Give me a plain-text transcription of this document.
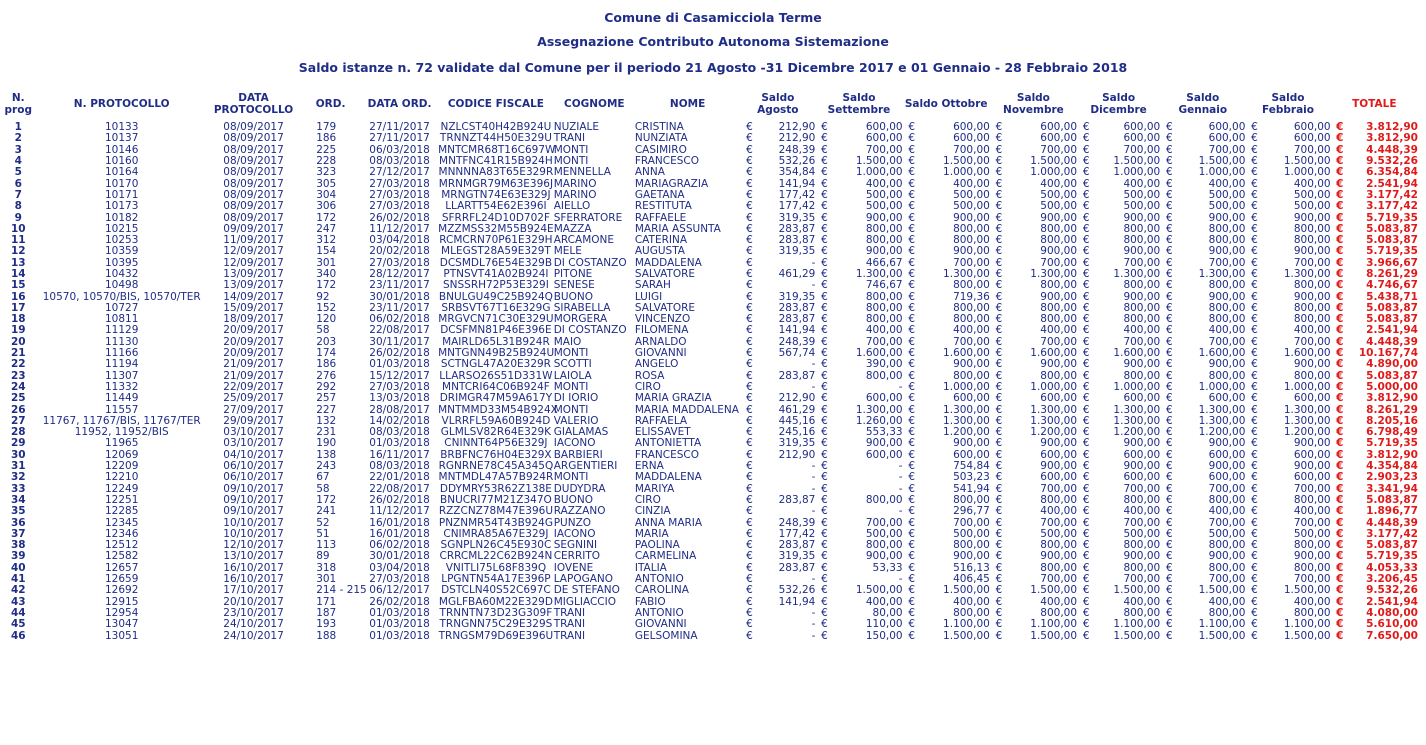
Comune di Casamicciola Terme
Assegnazione Contributo Autonoma Sistemazione
Saldo istanze n. 72 validate dal Comune per il periodo 21 Agosto -31 Dicembre 2017 e 01 Gennaio - 28 Febbraio 2018
N. prog	N. PROTOCOLLO	DATA PROTOCOLLO	ORD.	DATA ORD.	CODICE FISCALE	COGNOME	NOME	Saldo Agosto		Saldo Settembre		Saldo Ottobre		Saldo Novembre		Saldo Dicembre		Saldo Gennaio		Saldo Febbraio		TOTALE	
1	10133	08/09/2017	179	27/11/2017	NZLCST40H42B924U	NUZIALE	CRISTINA	€	212,90	€	600,00	€	600,00	€	600,00	€	600,00	€	600,00	€	600,00	€	3.812,90
2	10137	08/09/2017	186	27/11/2017	TRNNZT44H50E329U	TRANI	NUNZIATA	€	212,90	€	600,00	€	600,00	€	600,00	€	600,00	€	600,00	€	600,00	€	3.812,90
3	10146	08/09/2017	225	06/03/2018	MNTCMR68T16C697W	MONTI	CASIMIRO	€	248,39	€	700,00	€	700,00	€	700,00	€	700,00	€	700,00	€	700,00	€	4.448,39
4	10160	08/09/2017	228	08/03/2018	MNTFNC41R15B924H	MONTI	FRANCESCO	€	532,26	€	1.500,00	€	1.500,00	€	1.500,00	€	1.500,00	€	1.500,00	€	1.500,00	€	9.532,26
5	10164	08/09/2017	323	27/12/2017	MNNNNA83T65E329R	MENNELLA	ANNA	€	354,84	€	1.000,00	€	1.000,00	€	1.000,00	€	1.000,00	€	1.000,00	€	1.000,00	€	6.354,84
6	10170	08/09/2017	305	27/03/2018	MRNMGR79M63E396J	MARINO	MARIAGRAZIA	€	141,94	€	400,00	€	400,00	€	400,00	€	400,00	€	400,00	€	400,00	€	2.541,94
7	10171	08/09/2017	304	27/03/2018	MRNGTN74E63E329J	MARINO	GAETANA	€	177,42	€	500,00	€	500,00	€	500,00	€	500,00	€	500,00	€	500,00	€	3.177,42
8	10173	08/09/2017	306	27/03/2018	LLARTT54E62E396I	AIELLO	RESTITUTA	€	177,42	€	500,00	€	500,00	€	500,00	€	500,00	€	500,00	€	500,00	€	3.177,42
9	10182	08/09/2017	172	26/02/2018	SFRRFL24D10D702F	SFERRATORE	RAFFAELE	€	319,35	€	900,00	€	900,00	€	900,00	€	900,00	€	900,00	€	900,00	€	5.719,35
10	10215	09/09/2017	247	11/12/2017	MZZMSS32M55B924E	MAZZA	MARIA ASSUNTA	€	283,87	€	800,00	€	800,00	€	800,00	€	800,00	€	800,00	€	800,00	€	5.083,87
11	10253	11/09/2017	312	03/04/2018	RCMCRN70P61E329H	ARCAMONE	CATERINA	€	283,87	€	800,00	€	800,00	€	800,00	€	800,00	€	800,00	€	800,00	€	5.083,87
12	10359	12/09/2017	154	20/02/2018	MLEGST28A59E329T	MELE	AUGUSTA	€	319,35	€	900,00	€	900,00	€	900,00	€	900,00	€	900,00	€	900,00	€	5.719,35
13	10395	12/09/2017	301	27/03/2018	DCSMDL76E54E329B	DI COSTANZO	MADDALENA	€	-	€	466,67	€	700,00	€	700,00	€	700,00	€	700,00	€	700,00	€	3.966,67
14	10432	13/09/2017	340	28/12/2017	PTNSVT41A02B924I	PITONE	SALVATORE	€	461,29	€	1.300,00	€	1.300,00	€	1.300,00	€	1.300,00	€	1.300,00	€	1.300,00	€	8.261,29
15	10498	13/09/2017	172	23/11/2017	SNSSRH72P53E329I	SENESE	SARAH	€	-	€	746,67	€	800,00	€	800,00	€	800,00	€	800,00	€	800,00	€	4.746,67
16	10570, 10570/BIS, 10570/TER	14/09/2017	92	30/01/2018	BNULGU49C25B924Q	BUONO	LUIGI	€	319,35	€	800,00	€	719,36	€	900,00	€	900,00	€	900,00	€	900,00	€	5.438,71
17	10727	15/09/2017	152	23/11/2017	SRBSVT67T16E329G	SIRABELLA	SALVATORE	€	283,87	€	800,00	€	800,00	€	800,00	€	800,00	€	800,00	€	800,00	€	5.083,87
18	10811	18/09/2017	120	06/02/2018	MRGVCN71C30E329U	MORGERA	VINCENZO	€	283,87	€	800,00	€	800,00	€	800,00	€	800,00	€	800,00	€	800,00	€	5.083,87
19	11129	20/09/2017	58	22/08/2017	DCSFMN81P46E396E	DI COSTANZO	FILOMENA	€	141,94	€	400,00	€	400,00	€	400,00	€	400,00	€	400,00	€	400,00	€	2.541,94
20	11130	20/09/2017	203	30/11/2017	MAIRLD65L31B924R	MAIO	ARNALDO	€	248,39	€	700,00	€	700,00	€	700,00	€	700,00	€	700,00	€	700,00	€	4.448,39
21	11166	20/09/2017	174	26/02/2018	MNTGNN49B25B924U	MONTI	GIOVANNI	€	567,74	€	1.600,00	€	1.600,00	€	1.600,00	€	1.600,00	€	1.600,00	€	1.600,00	€	10.167,74
22	11194	21/09/2017	186	01/03/2018	SCTNGL47A20E329R	SCOTTI	ANGELO	€	-	€	390,00	€	900,00	€	900,00	€	900,00	€	900,00	€	900,00	€	4.890,00
23	11307	21/09/2017	276	15/12/2017	LLARSO26S51D331W	LAIOLA	ROSA	€	283,87	€	800,00	€	800,00	€	800,00	€	800,00	€	800,00	€	800,00	€	5.083,87
24	11332	22/09/2017	292	27/03/2018	MNTCRI64C06B924F	MONTI	CIRO	€	-	€	-	€	1.000,00	€	1.000,00	€	1.000,00	€	1.000,00	€	1.000,00	€	5.000,00
25	11449	25/09/2017	257	13/03/2018	DRIMGR47M59A617Y	DI IORIO	MARIA GRAZIA	€	212,90	€	600,00	€	600,00	€	600,00	€	600,00	€	600,00	€	600,00	€	3.812,90
26	11557	27/09/2017	227	28/08/2017	MNTMMD33M54B924X	MONTI	MARIA MADDALENA	€	461,29	€	1.300,00	€	1.300,00	€	1.300,00	€	1.300,00	€	1.300,00	€	1.300,00	€	8.261,29
27	11767, 11767/BIS, 11767/TER	29/09/2017	132	14/02/2018	VLRRFL59A60B924D	VALERIO	RAFFAELA	€	445,16	€	1.260,00	€	1.300,00	€	1.300,00	€	1.300,00	€	1.300,00	€	1.300,00	€	8.205,16
28	11952, 11952/BIS	03/10/2017	231	08/03/2018	GLMLSV82R64E329K	GIALAMAS	ELISSAVET	€	245,16	€	553,33	€	1.200,00	€	1.200,00	€	1.200,00	€	1.200,00	€	1.200,00	€	6.798,49
29	11965	03/10/2017	190	01/03/2018	CNINNT64P56E329J	IACONO	ANTONIETTA	€	319,35	€	900,00	€	900,00	€	900,00	€	900,00	€	900,00	€	900,00	€	5.719,35
30	12069	04/10/2017	138	16/11/2017	BRBFNC76H04E329X	BARBIERI	FRANCESCO	€	212,90	€	600,00	€	600,00	€	600,00	€	600,00	€	600,00	€	600,00	€	3.812,90
31	12209	06/10/2017	243	08/03/2018	RGNRNE78C45A345Q	ARGENTIERI	ERNA	€	-	€	-	€	754,84	€	900,00	€	900,00	€	900,00	€	900,00	€	4.354,84
32	12210	06/10/2017	67	22/01/2018	MNTMDL47A57B924R	MONTI	MADDALENA	€	-	€	-	€	503,23	€	600,00	€	600,00	€	600,00	€	600,00	€	2.903,23
33	12249	09/10/2017	58	22/08/2017	DDYMRY53R62Z138E	DUDYDRA	MARIYA	€	-	€	-	€	541,94	€	700,00	€	700,00	€	700,00	€	700,00	€	3.341,94
34	12251	09/10/2017	172	26/02/2018	BNUCRI77M21Z347O	BUONO	CIRO	€	283,87	€	800,00	€	800,00	€	800,00	€	800,00	€	800,00	€	800,00	€	5.083,87
35	12285	09/10/2017	241	11/12/2017	RZZCNZ78M47E396U	RAZZANO	CINZIA	€	-	€	-	€	296,77	€	400,00	€	400,00	€	400,00	€	400,00	€	1.896,77
36	12345	10/10/2017	52	16/01/2018	PNZNMR54T43B924G	PUNZO	ANNA MARIA	€	248,39	€	700,00	€	700,00	€	700,00	€	700,00	€	700,00	€	700,00	€	4.448,39
37	12346	10/10/2017	51	16/01/2018	CNIMRA85A67E329J	IACONO	MARIA	€	177,42	€	500,00	€	500,00	€	500,00	€	500,00	€	500,00	€	500,00	€	3.177,42
38	12512	12/10/2017	113	06/02/2018	SGNPLN26C45E930C	SEGNINI	PAOLINA	€	283,87	€	800,00	€	800,00	€	800,00	€	800,00	€	800,00	€	800,00	€	5.083,87
39	12582	13/10/2017	89	30/01/2018	CRRCML22C62B924N	CERRITO	CARMELINA	€	319,35	€	900,00	€	900,00	€	900,00	€	900,00	€	900,00	€	900,00	€	5.719,35
40	12657	16/10/2017	318	03/04/2018	VNITLI75L68F839Q	IOVENE	ITALIA	€	283,87	€	53,33	€	516,13	€	800,00	€	800,00	€	800,00	€	800,00	€	4.053,33
41	12659	16/10/2017	301	27/03/2018	LPGNTN54A17E396P	LAPOGANO	ANTONIO	€	-	€	-	€	406,45	€	700,00	€	700,00	€	700,00	€	700,00	€	3.206,45
42	12692	17/10/2017	214 - 215	06/12/2017	DSTCLN40S52C697C	DE STEFANO	CAROLINA	€	532,26	€	1.500,00	€	1.500,00	€	1.500,00	€	1.500,00	€	1.500,00	€	1.500,00	€	9.532,26
43	12915	20/10/2017	171	26/02/2018	MGLFBA60M22E329D	MIGLIACCIO	FABIO	€	141,94	€	400,00	€	400,00	€	400,00	€	400,00	€	400,00	€	400,00	€	2.541,94
44	12954	23/10/2017	187	01/03/2018	TRNNTN73D23G309F	TRANI	ANTONIO	€	-	€	80,00	€	800,00	€	800,00	€	800,00	€	800,00	€	800,00	€	4.080,00
45	13047	24/10/2017	193	01/03/2018	TRNGNN75C29E329S	TRANI	GIOVANNI	€	-	€	110,00	€	1.100,00	€	1.100,00	€	1.100,00	€	1.100,00	€	1.100,00	€	5.610,00
46	13051	24/10/2017	188	01/03/2018	TRNGSM79D69E396U	TRANI	GELSOMINA	€	-	€	150,00	€	1.500,00	€	1.500,00	€	1.500,00	€	1.500,00	€	1.500,00	€	7.650,00
